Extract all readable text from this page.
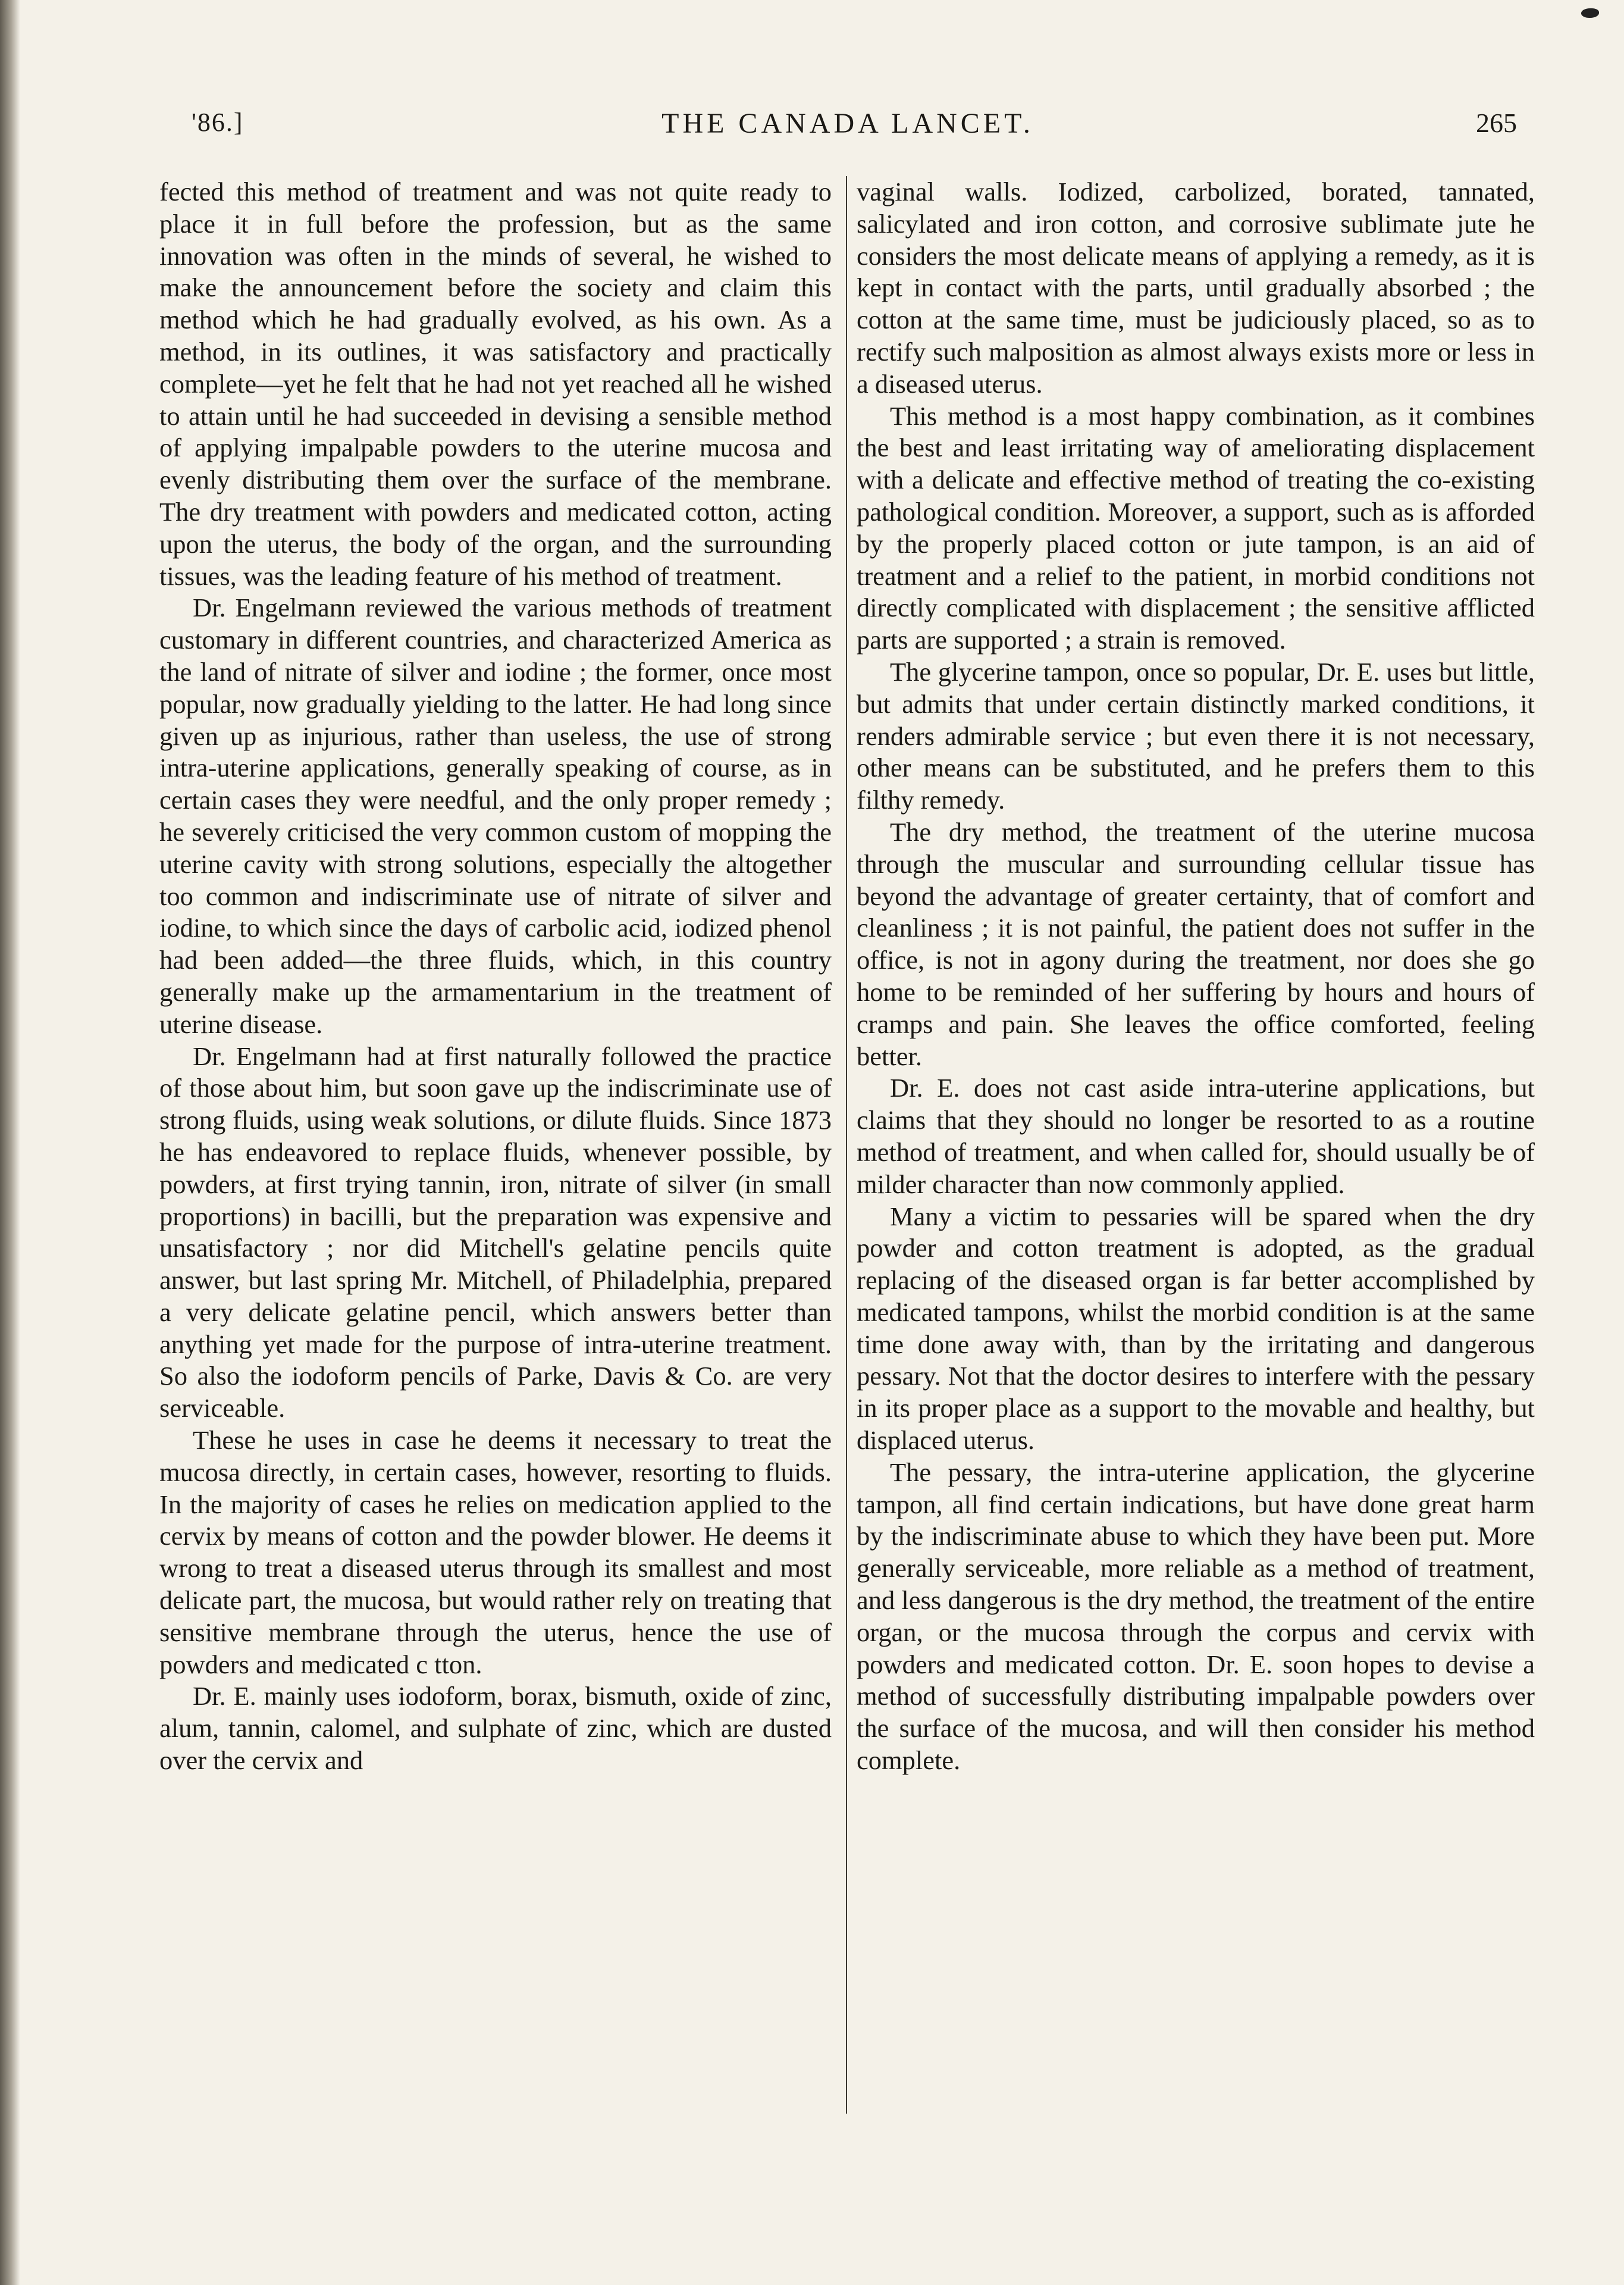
'86.]	THE CANADA LANCET.	265

fected this method of treatment and was not quite ready to place it in full before the profession, but as the same innovation was often in the minds of several, he wished to make the announcement before the society and claim this method which he had gradually evolved, as his own. As a method, in its outlines, it was satisfactory and practically complete—yet he felt that he had not yet reached all he wished to attain until he had succeeded in devising a sensible method of applying impalpable powders to the uterine mucosa and evenly distributing them over the surface of the membrane. The dry treatment with powders and medicated cotton, acting upon the uterus, the body of the organ, and the surrounding tissues, was the leading feature of his method of treatment.

Dr. Engelmann reviewed the various methods of treatment customary in different countries, and characterized America as the land of nitrate of silver and iodine ; the former, once most popular, now gradually yielding to the latter. He had long since given up as injurious, rather than useless, the use of strong intra-uterine applications, generally speaking of course, as in certain cases they were needful, and the only proper remedy ; he severely criticised the very common custom of mopping the uterine cavity with strong solutions, especially the altogether too common and indiscriminate use of nitrate of silver and iodine, to which since the days of carbolic acid, iodized phenol had been added—the three fluids, which, in this country generally make up the armamentarium in the treatment of uterine disease.

Dr. Engelmann had at first naturally followed the practice of those about him, but soon gave up the indiscriminate use of strong fluids, using weak solutions, or dilute fluids. Since 1873 he has endeavored to replace fluids, whenever possible, by powders, at first trying tannin, iron, nitrate of silver (in small proportions) in bacilli, but the preparation was expensive and unsatisfactory ; nor did Mitchell's gelatine pencils quite answer, but last spring Mr. Mitchell, of Philadelphia, prepared a very delicate gelatine pencil, which answers better than anything yet made for the purpose of intra-uterine treatment. So also the iodoform pencils of Parke, Davis & Co. are very serviceable.

These he uses in case he deems it necessary to treat the mucosa directly, in certain cases, however, resorting to fluids. In the majority of cases he relies on medication applied to the cervix by means of cotton and the powder blower. He deems it wrong to treat a diseased uterus through its smallest and most delicate part, the mucosa, but would rather rely on treating that sensitive membrane through the uterus, hence the use of powders and medicated c tton.

Dr. E. mainly uses iodoform, borax, bismuth, oxide of zinc, alum, tannin, calomel, and sulphate of zinc, which are dusted over the cervix and

vaginal walls. Iodized, carbolized, borated, tannated, salicylated and iron cotton, and corrosive sublimate jute he considers the most delicate means of applying a remedy, as it is kept in contact with the parts, until gradually absorbed ; the cotton at the same time, must be judiciously placed, so as to rectify such malposition as almost always exists more or less in a diseased uterus.

This method is a most happy combination, as it combines the best and least irritating way of ameliorating displacement with a delicate and effective method of treating the co-existing pathological condition. Moreover, a support, such as is afforded by the properly placed cotton or jute tampon, is an aid of treatment and a relief to the patient, in morbid conditions not directly complicated with displacement ; the sensitive afflicted parts are supported ; a strain is removed.

The glycerine tampon, once so popular, Dr. E. uses but little, but admits that under certain distinctly marked conditions, it renders admirable service ; but even there it is not necessary, other means can be substituted, and he prefers them to this filthy remedy.

The dry method, the treatment of the uterine mucosa through the muscular and surrounding cellular tissue has beyond the advantage of greater certainty, that of comfort and cleanliness ; it is not painful, the patient does not suffer in the office, is not in agony during the treatment, nor does she go home to be reminded of her suffering by hours and hours of cramps and pain. She leaves the office comforted, feeling better.

Dr. E. does not cast aside intra-uterine applications, but claims that they should no longer be resorted to as a routine method of treatment, and when called for, should usually be of milder character than now commonly applied.

Many a victim to pessaries will be spared when the dry powder and cotton treatment is adopted, as the gradual replacing of the diseased organ is far better accomplished by medicated tampons, whilst the morbid condition is at the same time done away with, than by the irritating and dangerous pessary. Not that the doctor desires to interfere with the pessary in its proper place as a support to the movable and healthy, but displaced uterus.

The pessary, the intra-uterine application, the glycerine tampon, all find certain indications, but have done great harm by the indiscriminate abuse to which they have been put. More generally serviceable, more reliable as a method of treatment, and less dangerous is the dry method, the treatment of the entire organ, or the mucosa through the corpus and cervix with powders and medicated cotton. Dr. E. soon hopes to devise a method of successfully distributing impalpable powders over the surface of the mucosa, and will then consider his method complete.
